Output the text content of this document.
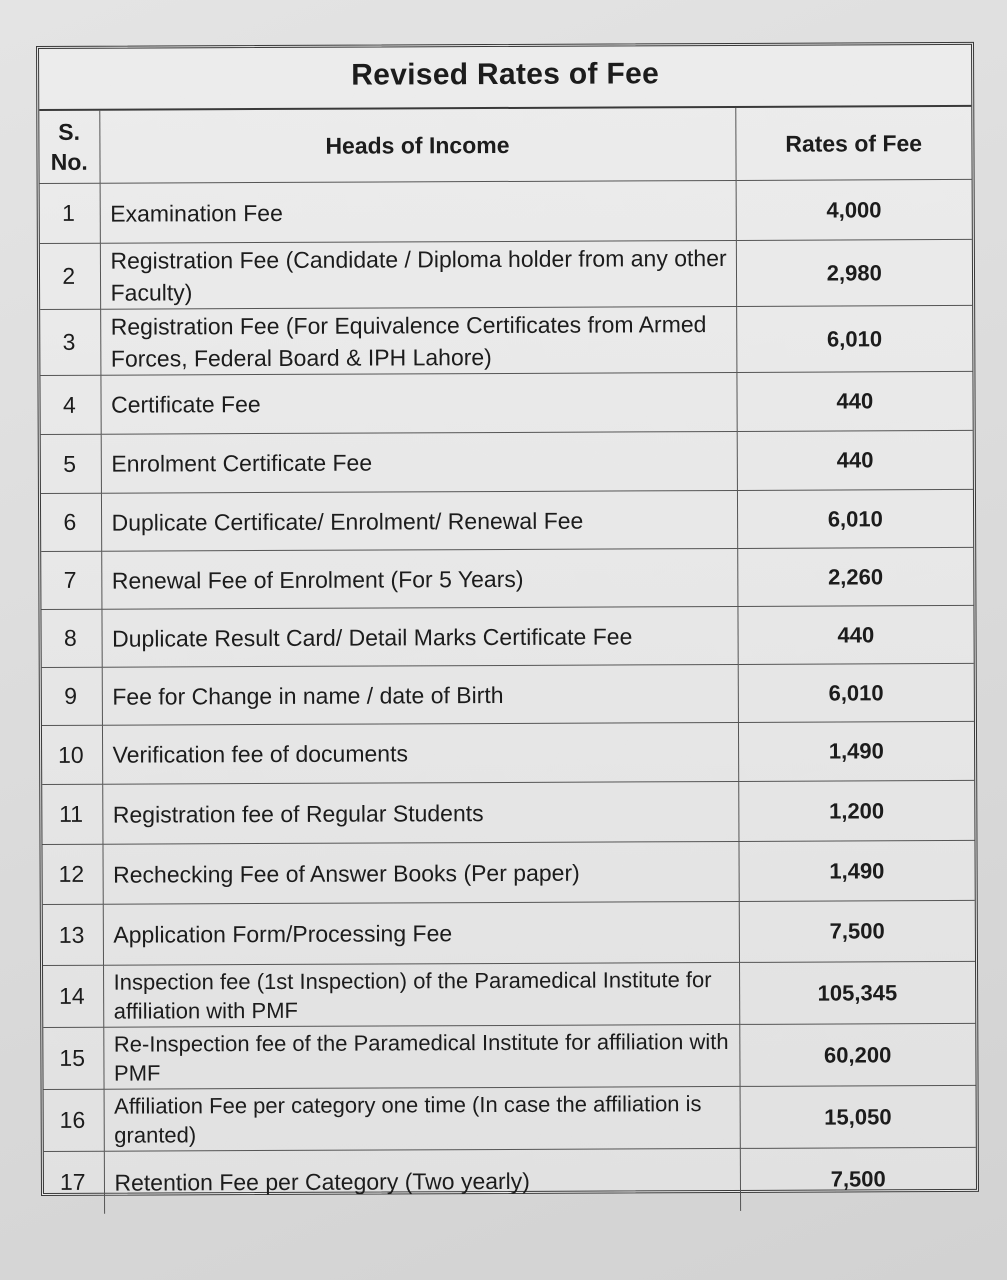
Revised Rates of Fee
S.
No.	Heads of Income	Rates of Fee
1	Examination Fee	4,000
2	Registration Fee (Candidate / Diploma holder from any other Faculty)	2,980
3	Registration Fee (For Equivalence Certificates from Armed Forces, Federal Board & IPH Lahore)	6,010
4	Certificate Fee	440
5	Enrolment Certificate Fee	440
6	Duplicate Certificate/ Enrolment/ Renewal Fee	6,010
7	Renewal Fee of Enrolment (For 5 Years)	2,260
8	Duplicate Result Card/ Detail Marks Certificate Fee	440
9	Fee for Change in name / date of Birth	6,010
10	Verification fee of documents	1,490
11	Registration fee of Regular Students	1,200
12	Rechecking Fee of Answer Books (Per paper)	1,490
13	Application Form/Processing Fee	7,500
14	Inspection fee (1st Inspection) of the Paramedical Institute for affiliation with PMF	105,345
15	Re-Inspection fee of the Paramedical Institute for affiliation with PMF	60,200
16	Affiliation Fee per category one time (In case the affiliation is granted)	15,050
17	Retention Fee per Category (Two yearly)	7,500
